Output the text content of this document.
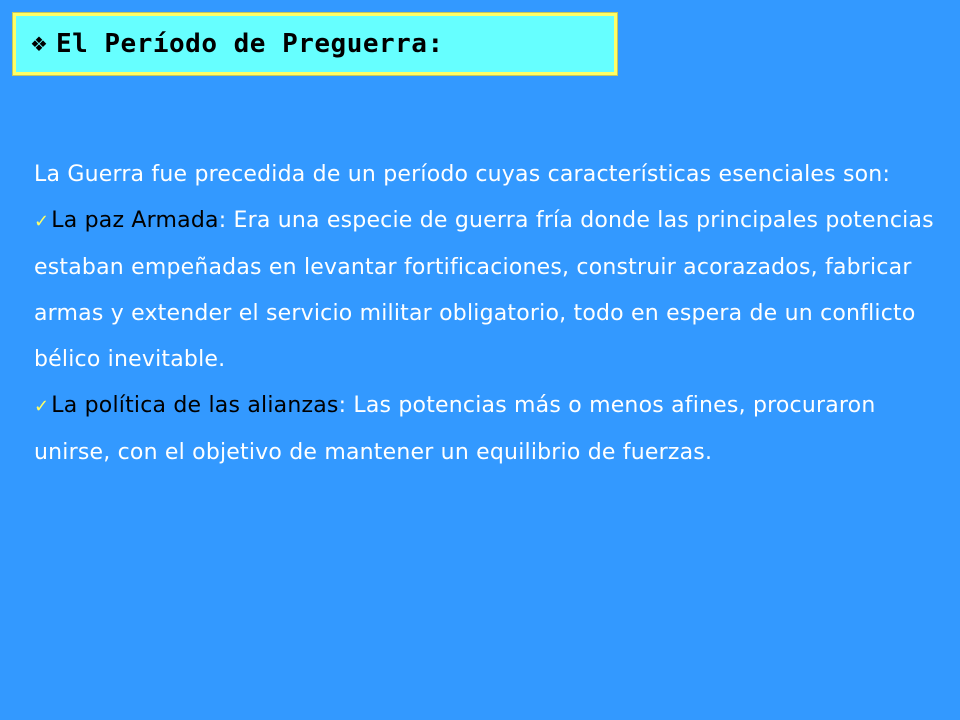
❖ El Período de Preguerra:

La Guerra fue precedida de un período cuyas características esenciales son:

✓La paz Armada: Era una especie de guerra fría donde las principales potencias estaban empeñadas en levantar fortificaciones, construir acorazados, fabricar armas y extender el servicio militar obligatorio, todo en espera de un conflicto bélico inevitable.

✓La política de las alianzas: Las potencias más o menos afines, procuraron unirse, con el objetivo de mantener un equilibrio de fuerzas.
